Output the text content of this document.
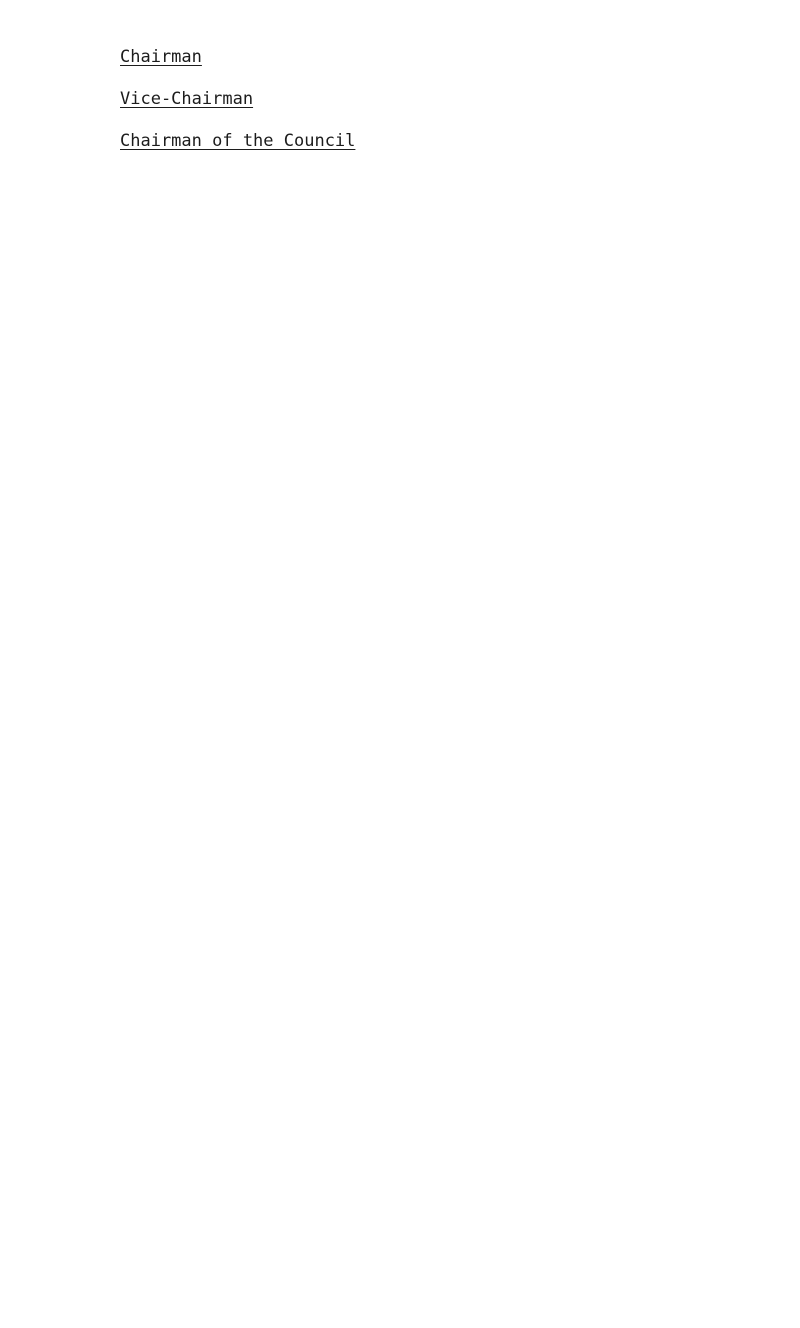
Chairman
Vice-Chairman
Chairman of the Council
